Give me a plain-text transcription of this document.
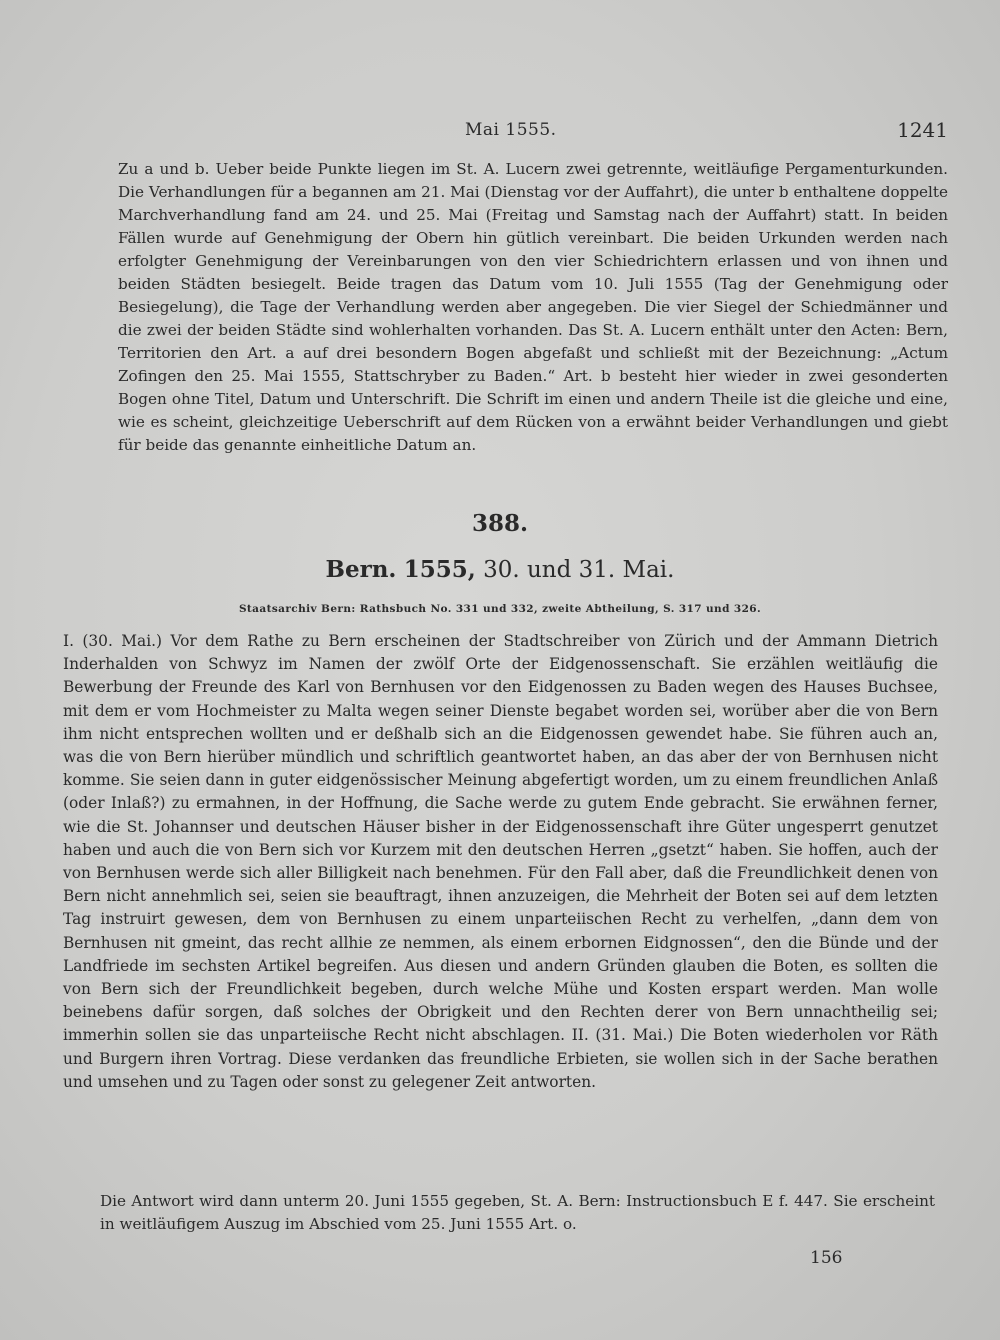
Mai 1555.	1241

Zu a und b. Ueber beide Punkte liegen im St. A. Lucern zwei getrennte, weitläufige Pergamenturkunden. Die Verhandlungen für a begannen am 21. Mai (Dienstag vor der Auffahrt), die unter b enthaltene doppelte Marchverhandlung fand am 24. und 25. Mai (Freitag und Samstag nach der Auffahrt) statt. In beiden Fällen wurde auf Genehmigung der Obern hin gütlich vereinbart. Die beiden Urkunden werden nach erfolgter Genehmigung der Vereinbarungen von den vier Schiedrichtern erlassen und von ihnen und beiden Städten besiegelt. Beide tragen das Datum vom 10. Juli 1555 (Tag der Genehmigung oder Besiegelung), die Tage der Verhandlung werden aber angegeben. Die vier Siegel der Schiedmänner und die zwei der beiden Städte sind wohlerhalten vorhanden. Das St. A. Lucern enthält unter den Acten: Bern, Territorien den Art. a auf drei besondern Bogen abgefaßt und schließt mit der Bezeichnung: „Actum Zofingen den 25. Mai 1555, Stattschryber zu Baden.“ Art. b besteht hier wieder in zwei gesonderten Bogen ohne Titel, Datum und Unterschrift. Die Schrift im einen und andern Theile ist die gleiche und eine, wie es scheint, gleichzeitige Ueberschrift auf dem Rücken von a erwähnt beider Verhandlungen und giebt für beide das genannte einheitliche Datum an.

388.
Bern. 1555, 30. und 31. Mai.
Staatsarchiv Bern: Rathsbuch No. 331 und 332, zweite Abtheilung, S. 317 und 326.

I. (30. Mai.) Vor dem Rathe zu Bern erscheinen der Stadtschreiber von Zürich und der Ammann Dietrich Inderhalden von Schwyz im Namen der zwölf Orte der Eidgenossenschaft. Sie erzählen weitläufig die Bewerbung der Freunde des Karl von Bernhusen vor den Eidgenossen zu Baden wegen des Hauses Buchsee, mit dem er vom Hochmeister zu Malta wegen seiner Dienste begabet worden sei, worüber aber die von Bern ihm nicht entsprechen wollten und er deßhalb sich an die Eidgenossen gewendet habe. Sie führen auch an, was die von Bern hierüber mündlich und schriftlich geantwortet haben, an das aber der von Bernhusen nicht komme. Sie seien dann in guter eidgenössischer Meinung abgefertigt worden, um zu einem freundlichen Anlaß (oder Inlaß?) zu ermahnen, in der Hoffnung, die Sache werde zu gutem Ende gebracht. Sie erwähnen ferner, wie die St. Johannser und deutschen Häuser bisher in der Eidgenossenschaft ihre Güter ungesperrt genutzet haben und auch die von Bern sich vor Kurzem mit den deutschen Herren „gsetzt“ haben. Sie hoffen, auch der von Bernhusen werde sich aller Billigkeit nach benehmen. Für den Fall aber, daß die Freundlichkeit denen von Bern nicht annehmlich sei, seien sie beauftragt, ihnen anzuzeigen, die Mehrheit der Boten sei auf dem letzten Tag instruirt gewesen, dem von Bernhusen zu einem unparteiischen Recht zu verhelfen, „dann dem von Bernhusen nit gmeint, das recht allhie ze nemmen, als einem erbornen Eidgnossen“, den die Bünde und der Landfriede im sechsten Artikel begreifen. Aus diesen und andern Gründen glauben die Boten, es sollten die von Bern sich der Freundlichkeit begeben, durch welche Mühe und Kosten erspart werden. Man wolle beinebens dafür sorgen, daß solches der Obrigkeit und den Rechten derer von Bern unnachtheilig sei; immerhin sollen sie das unparteiische Recht nicht abschlagen. II. (31. Mai.) Die Boten wiederholen vor Räth und Burgern ihren Vortrag. Diese verdanken das freundliche Erbieten, sie wollen sich in der Sache berathen und umsehen und zu Tagen oder sonst zu gelegener Zeit antworten.

Die Antwort wird dann unterm 20. Juni 1555 gegeben, St. A. Bern: Instructionsbuch E f. 447. Sie erscheint in weitläufigem Auszug im Abschied vom 25. Juni 1555 Art. o.

156
